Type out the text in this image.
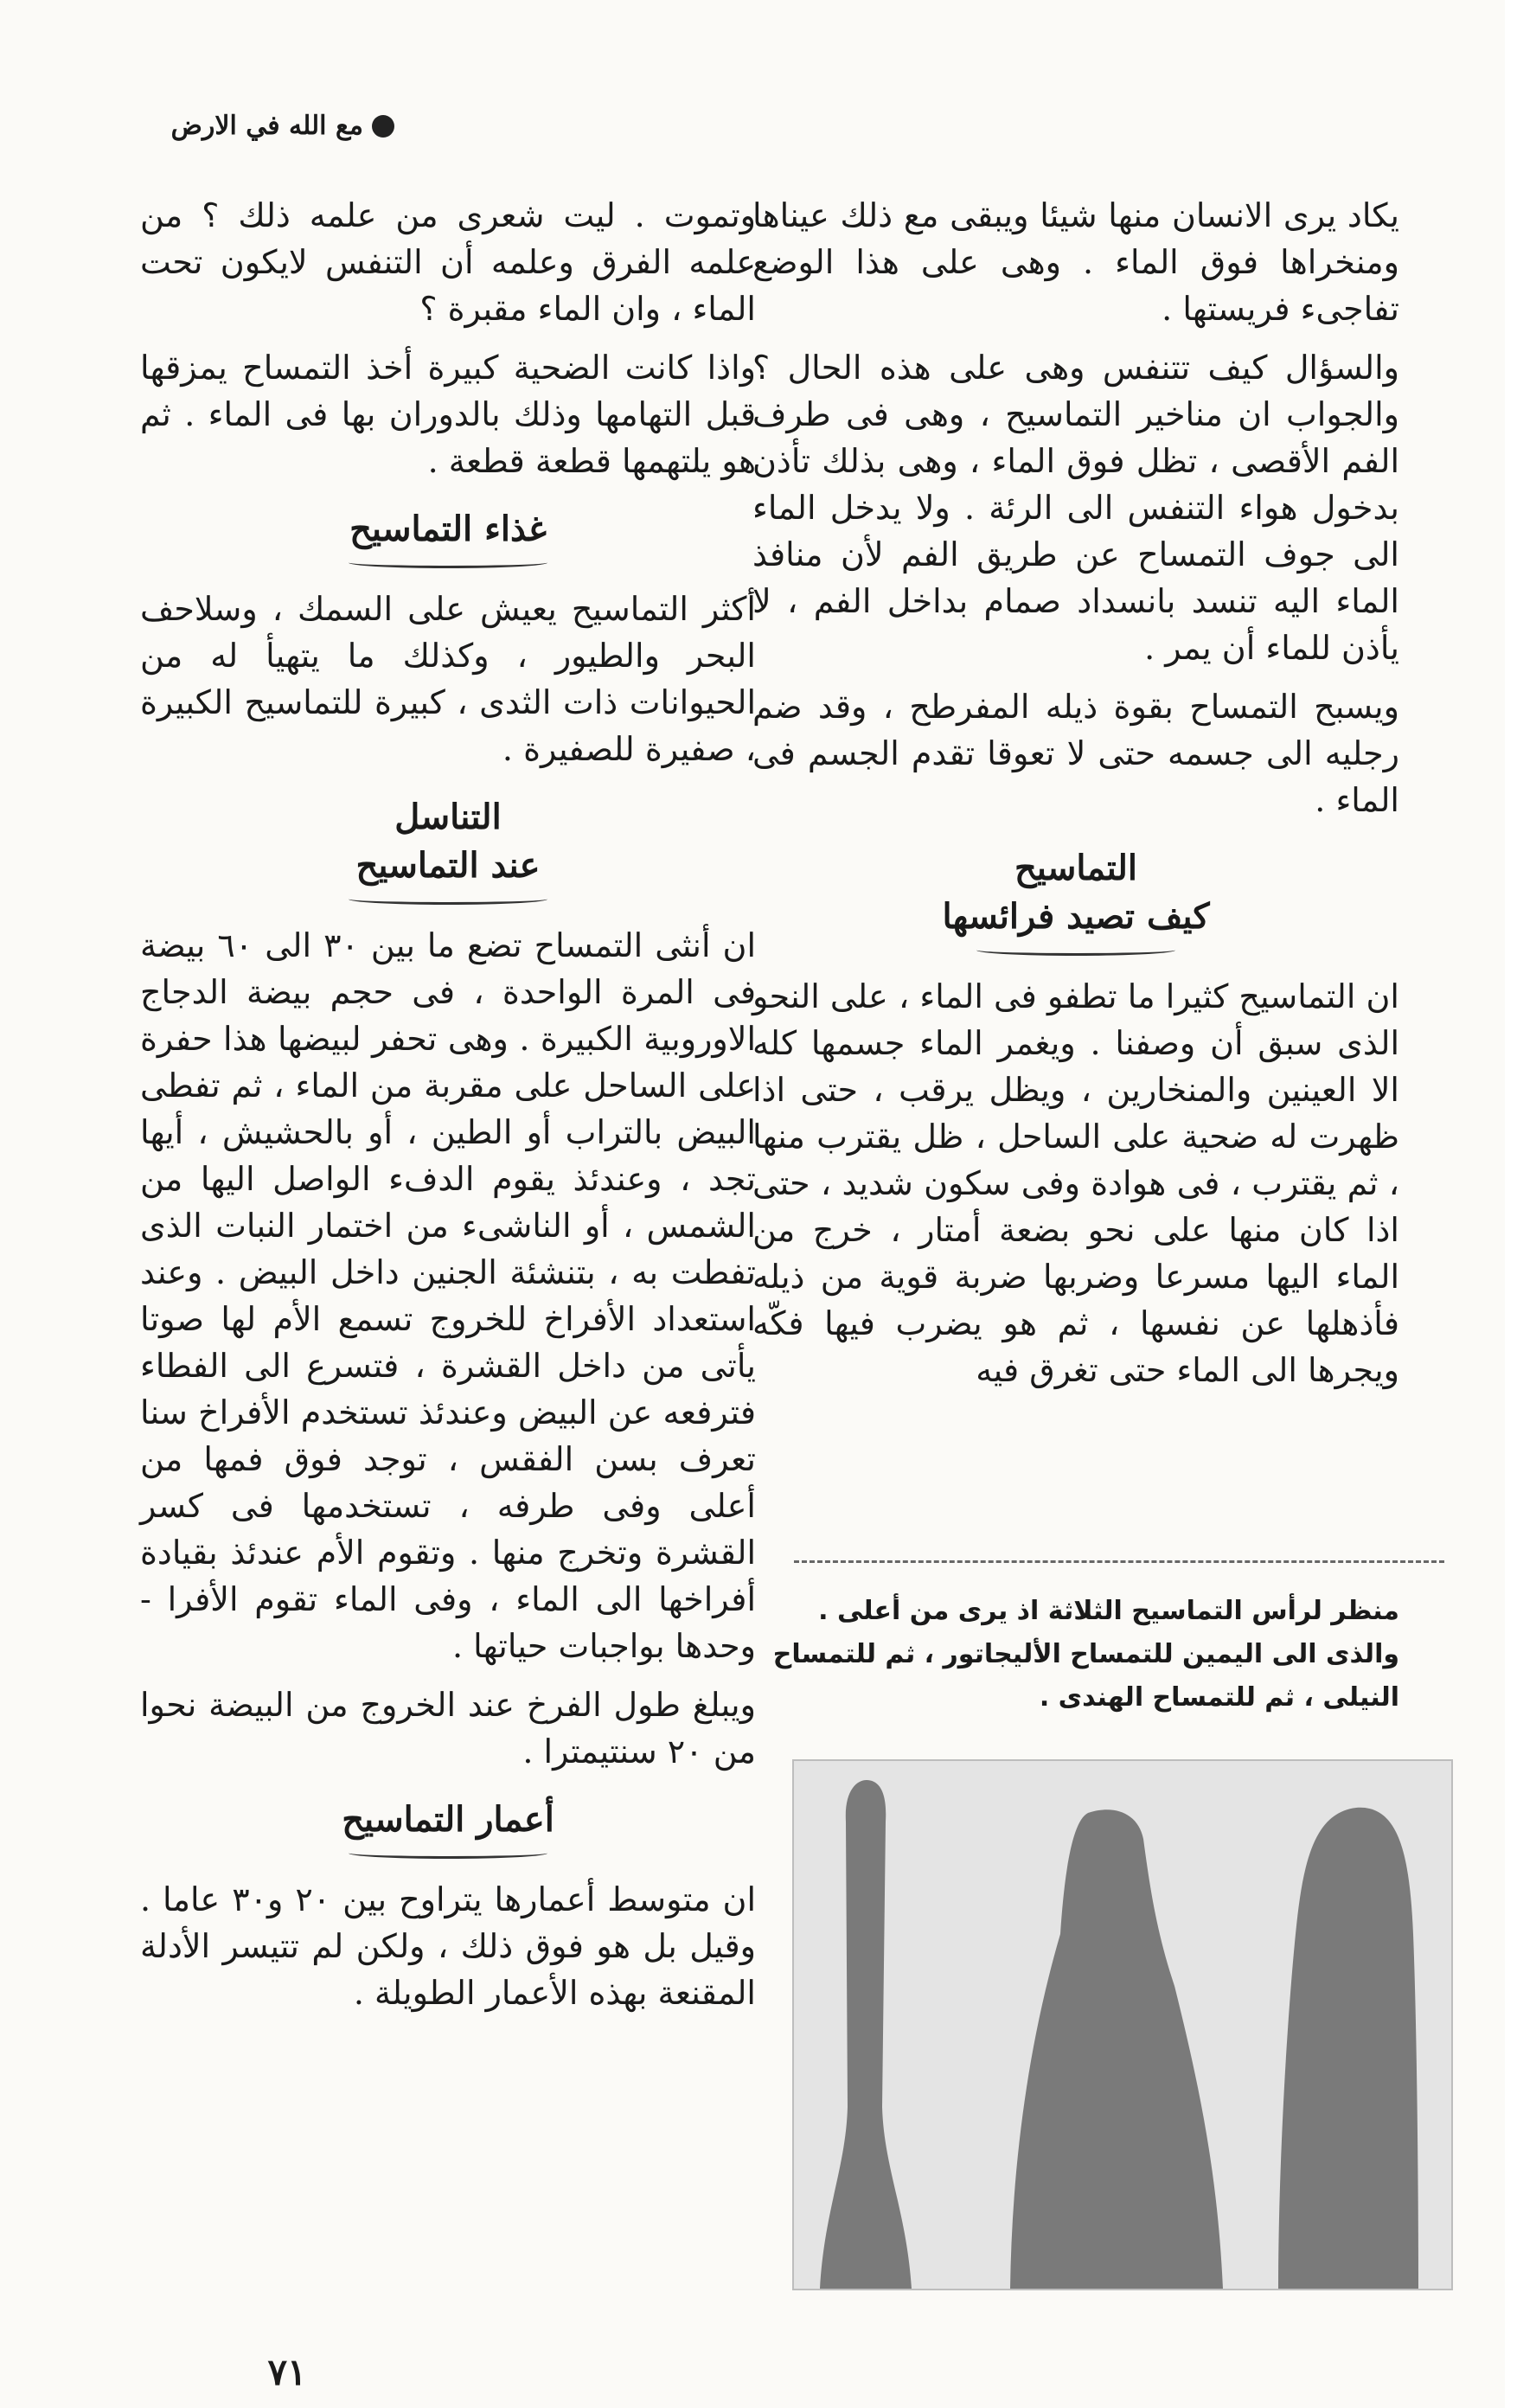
مع الله في الارض

يكاد يرى الانسان منها شيئا ويبقى مع ذلك عيناها ومنخراها فوق الماء . وهى على هذا الوضع تفاجىء فريستها .

والسؤال كيف تتنفس وهى على هذه الحال ؟ والجواب ان مناخير التماسيح ، وهى فى طرف الفم الأقصى ، تظل فوق الماء ، وهى بذلك تأذن بدخول هواء التنفس الى الرئة . ولا يدخل الماء الى جوف التمساح عن طريق الفم لأن منافذ الماء اليه تنسد بانسداد صمام بداخل الفم ، لا يأذن للماء أن يمر .

ويسبح التمساح بقوة ذيله المفرطح ، وقد ضم رجليه الى جسمه حتى لا تعوقا تقدم الجسم فى الماء .

التماسيح
كيف تصيد فرائسها

ان التماسيح كثيرا ما تطفو فى الماء ، على النحو الذى سبق أن وصفنا . ويغمر الماء جسمها كله الا العينين والمنخارين ، ويظل يرقب ، حتى اذا ظهرت له ضحية على الساحل ، ظل يقترب منها ، ثم يقترب ، فى هوادة وفى سكون شديد ، حتى اذا كان منها على نحو بضعة أمتار ، خرج من الماء اليها مسرعا وضربها ضربة قوية من ذيله فأذهلها عن نفسها ، ثم هو يضرب فيها فكّه ويجرها الى الماء حتى تغرق فيه

وتموت . ليت شعرى من علمه ذلك ؟ من علمه الفرق وعلمه أن التنفس لايكون تحت الماء ، وان الماء مقبرة ؟

واذا كانت الضحية كبيرة أخذ التمساح يمزقها قبل التهامها وذلك بالدوران بها فى الماء . ثم هو يلتهمها قطعة قطعة .

غذاء التماسيح

أكثر التماسيح يعيش على السمك ، وسلاحف البحر والطيور ، وكذلك ما يتهيأ له من الحيوانات ذات الثدى ، كبيرة للتماسيح الكبيرة ، صفيرة للصفيرة .

التناسل
عند التماسيح

ان أنثى التمساح تضع ما بين ٣٠ الى ٦٠ بيضة فى المرة الواحدة ، فى حجم بيضة الدجاج الاوروبية الكبيرة . وهى تحفر لبيضها هذا حفرة على الساحل على مقربة من الماء ، ثم تفطى البيض بالتراب أو الطين ، أو بالحشيش ، أيها تجد ، وعندئذ يقوم الدفء الواصل اليها من الشمس ، أو الناشىء من اختمار النبات الذى تفطت به ، بتنشئة الجنين داخل البيض . وعند استعداد الأفراخ للخروج تسمع الأم لها صوتا يأتى من داخل القشرة ، فتسرع الى الفطاء فترفعه عن البيض وعندئذ تستخدم الأفراخ سنا تعرف بسن الفقس ، توجد فوق فمها من أعلى وفى طرفه ، تستخدمها فى كسر القشرة وتخرج منها . وتقوم الأم عندئذ بقيادة أفراخها الى الماء ، وفى الماء تقوم الأفرا - وحدها بواجبات حياتها .

ويبلغ طول الفرخ عند الخروج من البيضة نحوا من ٢٠ سنتيمترا .

أعمار التماسيح

ان متوسط أعمارها يتراوح بين ٢٠ و٣٠ عاما . وقيل بل هو فوق ذلك ، ولكن لم تتيسر الأدلة المقنعة بهذه الأعمار الطويلة .

منظر لرأس التماسيح الثلاثة اذ يرى من أعلى . والذى الى اليمين للتمساح الأليجاتور ، ثم للتمساح النيلى ، ثم للتمساح الهندى .
٧١
